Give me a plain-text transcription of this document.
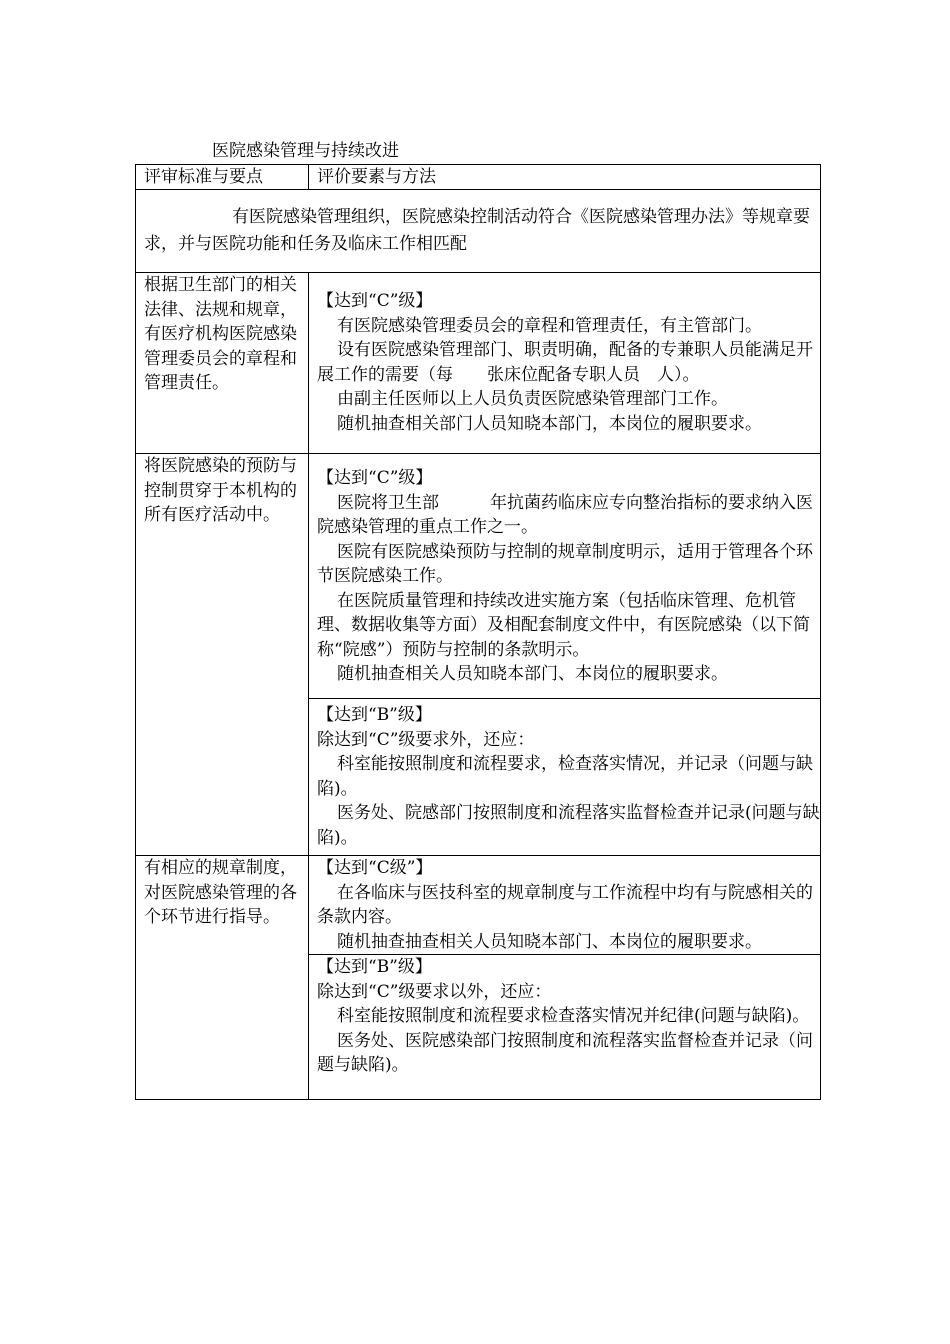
医院感染管理与持续改进
评审标准与要点	评价要素与方法

有医院感染管理组织，医院感染控制活动符合《医院感染管理办法》等规章要求，并与医院功能和任务及临床工作相匹配	

根据卫生部门的相关法律、法规和规章，有医疗机构医院感染管理委员会的章程和管理责任。	【达到“C”级】

有医院感染管理委员会的章程和管理责任，有主管部门。

设有医院感染管理部门、职责明确，配备的专兼职人员能满足开展工作的需要（每　　张床位配备专职人员　人）。

由副主任医师以上人员负责医院感染管理部门工作。

随机抽查相关部门人员知晓本部门，本岗位的履职要求。

将医院感染的预防与控制贯穿于本机构的所有医疗活动中。	【达到“C”级】

医院将卫生部　　　年抗菌药临床应专向整治指标的要求纳入医院感染管理的重点工作之一。

医院有医院感染预防与控制的规章制度明示，适用于管理各个环节医院感染工作。

在医院质量管理和持续改进实施方案（包括临床管理、危机管理、数据收集等方面）及相配套制度文件中，有医院感染（以下简称“院感”）预防与控制的条款明示。

随机抽查相关人员知晓本部门、本岗位的履职要求。

	【达到“B”级】

除达到“C”级要求外，还应：

科室能按照制度和流程要求，检查落实情况，并记录（问题与缺陷)。

医务处、院感部门按照制度和流程落实监督检查并记录(问题与缺陷)。

有相应的规章制度，对医院感染管理的各个环节进行指导。	【达到“C级”】

在各临床与医技科室的规章制度与工作流程中均有与院感相关的条款内容。

随机抽查抽查相关人员知晓本部门、本岗位的履职要求。

	【达到“B”级】

除达到“C”级要求以外，还应：

科室能按照制度和流程要求检查落实情况并纪律(问题与缺陷)。

医务处、医院感染部门按照制度和流程落实监督检查并记录（问题与缺陷)。
